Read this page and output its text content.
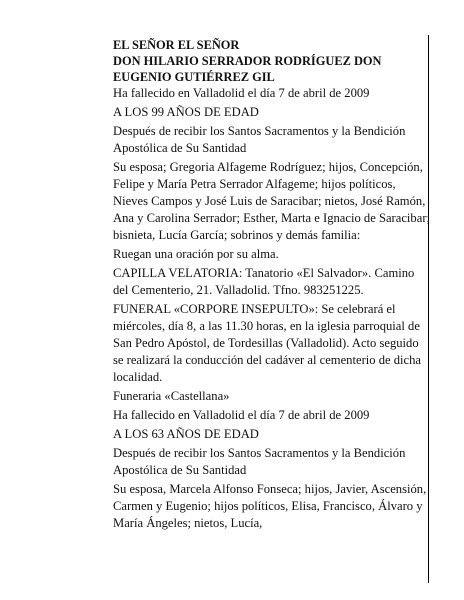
EL SEÑOR EL SEÑOR
DON HILARIO SERRADOR RODRÍGUEZ DON EUGENIO GUTIÉRREZ GIL
Ha fallecido en Valladolid el día 7 de abril de 2009
A LOS 99 AÑOS DE EDAD
Después de recibir los Santos Sacramentos y la Bendición Apostólica de Su Santidad
Su esposa; Gregoria Alfageme Rodríguez; hijos, Concepción, Felipe y María Petra Serrador Alfageme; hijos políticos, Nieves Campos y José Luis de Saracibar; nietos, José Ramón, Ana y Carolina Serrador; Esther, Marta e Ignacio de Saracibar; bisnieta, Lucía García; sobrinos y demás familia:
Ruegan una oración por su alma.
CAPILLA VELATORIA: Tanatorio «El Salvador». Camino del Cementerio, 21. Valladolid. Tfno. 983251225.
FUNERAL «CORPORE INSEPULTO»: Se celebrará el miércoles, día 8, a las 11.30 horas, en la iglesia parroquial de San Pedro Apóstol, de Tordesillas (Valladolid). Acto seguido se realizará la conducción del cadáver al cementerio de dicha localidad.
Funeraria «Castellana»
Ha fallecido en Valladolid el día 7 de abril de 2009
A LOS 63 AÑOS DE EDAD
Después de recibir los Santos Sacramentos y la Bendición Apostólica de Su Santidad
Su esposa, Marcela Alfonso Fonseca; hijos, Javier, Ascensión, Carmen y Eugenio; hijos políticos, Elisa, Francisco, Álvaro y María Ángeles; nietos, Lucía,
